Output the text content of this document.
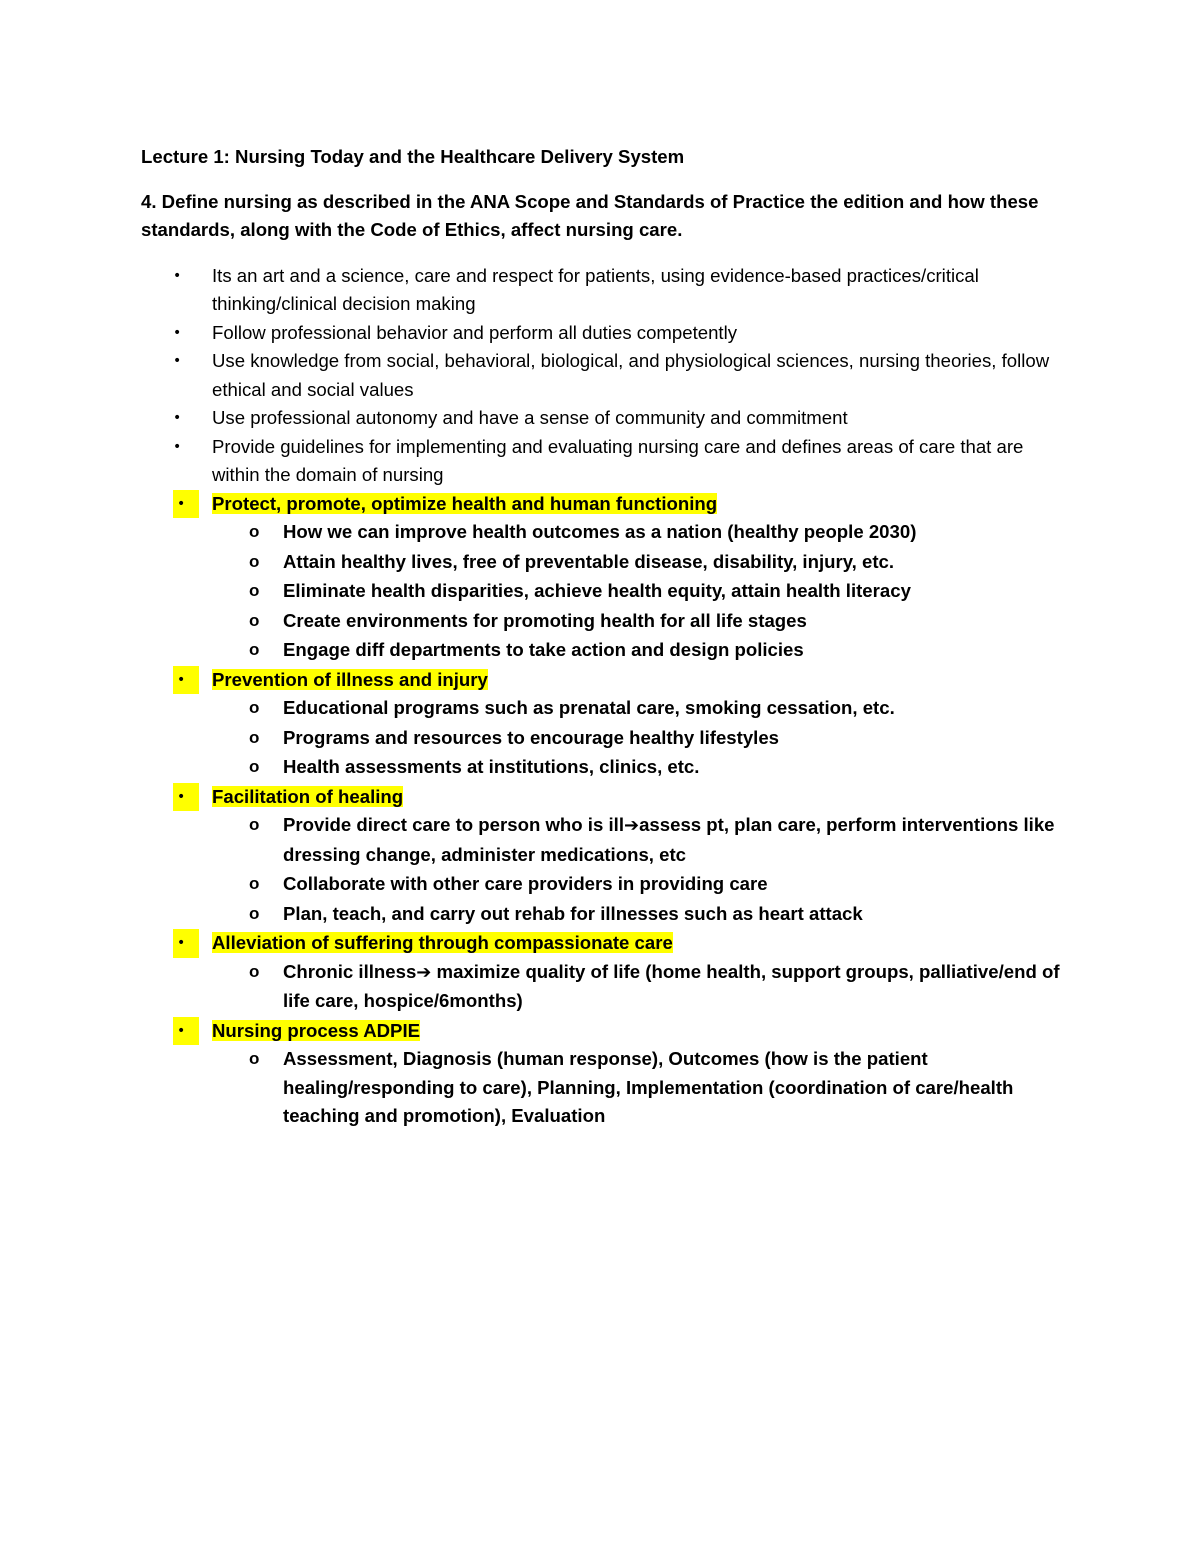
Lecture 1: Nursing Today and the Healthcare Delivery System
4. Define nursing as described in the ANA Scope and Standards of Practice the edition and how these standards, along with the Code of Ethics, affect nursing care.
•	Its an art and a science, care and respect for patients, using evidence-based practices/critical thinking/clinical decision making
•	Follow professional behavior and perform all duties competently
•	Use knowledge from social, behavioral, biological, and physiological sciences, nursing theories, follow ethical and social values
•	Use professional autonomy and have a sense of community and commitment
•	Provide guidelines for implementing and evaluating nursing care and defines areas of care that are within the domain of nursing
•	Protect, promote, optimize health and human functioning
o How we can improve health outcomes as a nation (healthy people 2030)
o Attain healthy lives, free of preventable disease, disability, injury, etc.
o Eliminate health disparities, achieve health equity, attain health literacy
o Create environments for promoting health for all life stages
o Engage diff departments to take action and design policies
•	Prevention of illness and injury
o Educational programs such as prenatal care, smoking cessation, etc.
o Programs and resources to encourage healthy lifestyles
o Health assessments at institutions, clinics, etc.
•	Facilitation of healing
o Provide direct care to person who is ill➔assess pt, plan care, perform interventions like dressing change, administer medications, etc
o Collaborate with other care providers in providing care
o Plan, teach, and carry out rehab for illnesses such as heart attack
•	Alleviation of suffering through compassionate care
o Chronic illness➔ maximize quality of life (home health, support groups, palliative/end of life care, hospice/6months)
•	Nursing process ADPIE
o Assessment, Diagnosis (human response), Outcomes (how is the patient healing/responding to care), Planning, Implementation (coordination of care/health teaching and promotion), Evaluation
